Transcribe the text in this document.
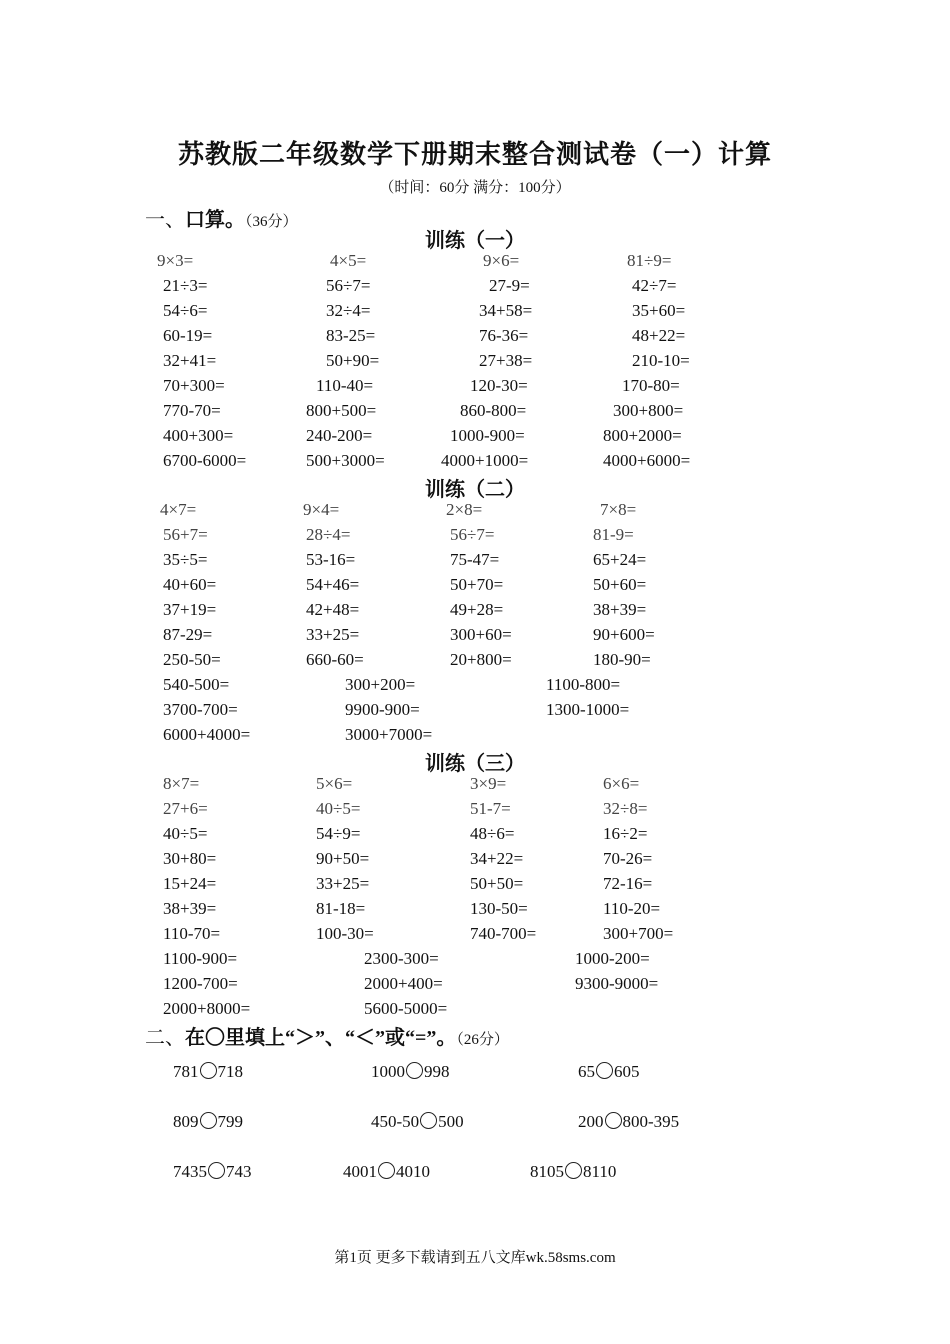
苏教版二年级数学下册期末整合测试卷（一）计算
（时间：60分 满分：100分）
一、口算。（36分）
训练（一）
9×3=	4×5=	9×6=	81÷9=
21÷3=	56÷7=	27-9=	42÷7=
54÷6=	32÷4=	34+58=	35+60=
60-19=	83-25=	76-36=	48+22=
32+41=	50+90=	27+38=	210-10=
70+300=	110-40=	120-30=	170-80=
770-70=	800+500=	860-800=	300+800=
400+300=	240-200=	1000-900=	800+2000=
6700-6000=	500+3000=	4000+1000=	4000+6000=
训练（二）
4×7=	9×4=	2×8=	7×8=
56+7=	28÷4=	56÷7=	81-9=
35÷5=	53-16=	75-47=	65+24=
40+60=	54+46=	50+70=	50+60=
37+19=	42+48=	49+28=	38+39=
87-29=	33+25=	300+60=	90+600=
250-50=	660-60=	20+800=	180-90=
540-500=	300+200=	1100-800=
3700-700=	9900-900=	1300-1000=
6000+4000=	3000+7000=
训练（三）
8×7=	5×6=	3×9=	6×6=
27+6=	40÷5=	51-7=	32÷8=
40÷5=	54÷9=	48÷6=	16÷2=
30+80=	90+50=	34+22=	70-26=
15+24=	33+25=	50+50=	72-16=
38+39=	81-18=	130-50=	110-20=
110-70=	100-30=	740-700=	300+700=
1100-900=	2300-300=	1000-200=
1200-700=	2000+400=	9300-9000=
2000+8000=	5600-5000=
二、在〇里填上“＞”、“＜”或“=”。（26分）
781 718	1000 998	65 605
809 799	450-50 500	200 800-395
7435 743	4001 4010	8105 8110
第1页 更多下载请到五八文库wk.58sms.com
